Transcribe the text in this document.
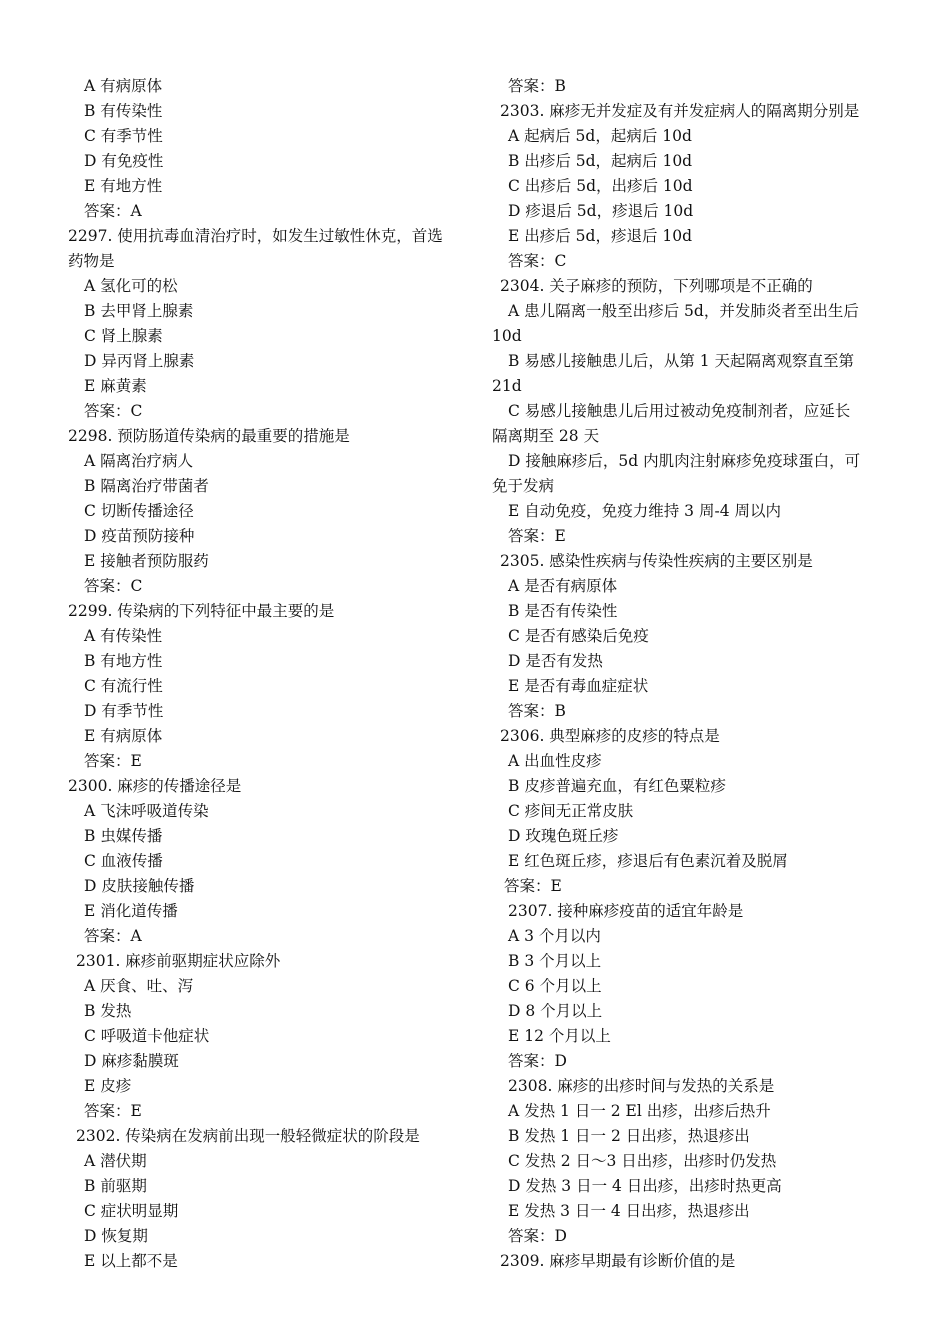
A 有病原体
B 有传染性
C 有季节性
D 有免疫性
E 有地方性
答案：A
2297. 使用抗毒血清治疗时，如发生过敏性休克，首选
药物是
A 氢化可的松
B 去甲肾上腺素
C 肾上腺素
D 异丙肾上腺素
E 麻黄素
答案：C
2298. 预防肠道传染病的最重要的措施是
A 隔离治疗病人
B 隔离治疗带菌者
C 切断传播途径
D 疫苗预防接种
E 接触者预防服药
答案：C
2299. 传染病的下列特征中最主要的是
A 有传染性
B 有地方性
C 有流行性
D 有季节性
E 有病原体
答案：E
2300. 麻疹的传播途径是
A 飞沫呼吸道传染
B 虫媒传播
C 血液传播
D 皮肤接触传播
E 消化道传播
答案：A
2301. 麻疹前驱期症状应除外
A 厌食、吐、泻
B 发热
C 呼吸道卡他症状
D 麻疹黏膜斑
E 皮疹
答案：E
2302. 传染病在发病前出现一般轻微症状的阶段是
A 潜伏期
B 前驱期
C 症状明显期
D 恢复期
E 以上都不是
答案：B
2303. 麻疹无并发症及有并发症病人的隔离期分别是
A 起病后 5d，起病后 10d
B 出疹后 5d，起病后 10d
C 出疹后 5d，出疹后 10d
D 疹退后 5d，疹退后 10d
E 出疹后 5d，疹退后 10d
答案：C
2304. 关子麻疹的预防，下列哪项是不正确的
A 患儿隔离一般至出疹后 5d，并发肺炎者至出生后
10d
B 易感儿接触患儿后，从第 1 天起隔离观察直至第
21d
C 易感儿接触患儿后用过被动免疫制剂者，应延长
隔离期至 28 天
D 接触麻疹后，5d 内肌肉注射麻疹免疫球蛋白，可
免于发病
E 自动免疫，免疫力维持 3 周-4 周以内
答案：E
2305. 感染性疾病与传染性疾病的主要区别是
A 是否有病原体
B 是否有传染性
C 是否有感染后免疫
D 是否有发热
E 是否有毒血症症状
答案：B
2306. 典型麻疹的皮疹的特点是
A 出血性皮疹
B 皮疹普遍充血，有红色粟粒疹
C 疹间无正常皮肤
D 玫瑰色斑丘疹
E 红色斑丘疹，疹退后有色素沉着及脱屑
答案：E
2307. 接种麻疹疫苗的适宜年龄是
A 3 个月以内
B 3 个月以上
C 6 个月以上
D 8 个月以上
E 12 个月以上
答案：D
2308. 麻疹的出疹时间与发热的关系是
A 发热 1 日一 2 El 出疹，出疹后热升
B 发热 1 日一 2 日出疹，热退疹出
C 发热 2 日～3 日出疹，出疹时仍发热
D 发热 3 日一 4 日出疹，出疹时热更高
E 发热 3 日一 4 日出疹，热退疹出
答案：D
2309. 麻疹早期最有诊断价值的是
